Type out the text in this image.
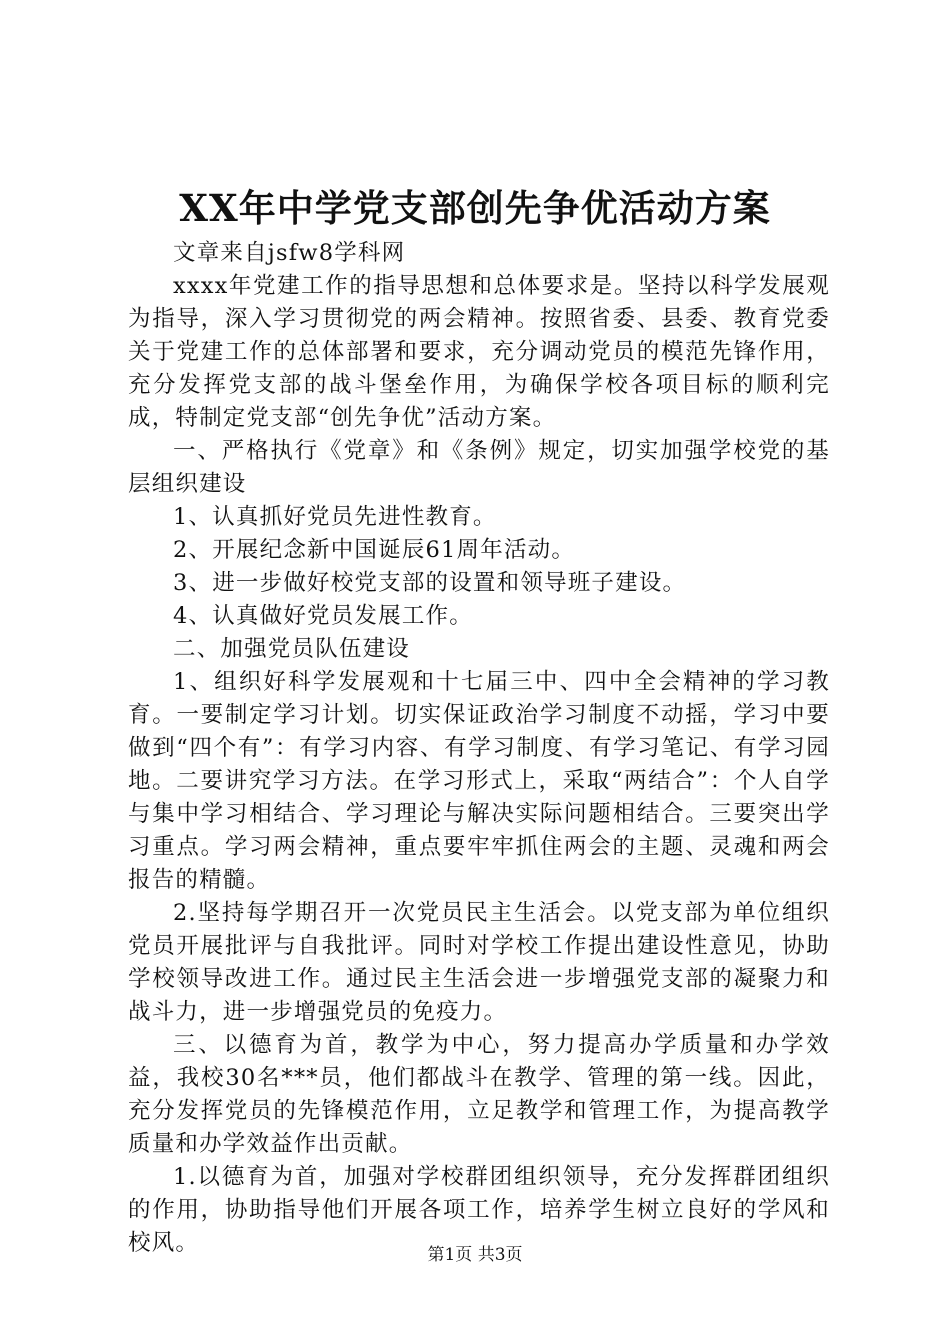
XX年中学党支部创先争优活动方案

文章来自jsfw8学科网

xxxx年党建工作的指导思想和总体要求是。坚持以科学发展观为指导，深入学习贯彻党的两会精神。按照省委、县委、教育党委关于党建工作的总体部署和要求，充分调动党员的模范先锋作用，充分发挥党支部的战斗堡垒作用，为确保学校各项目标的顺利完成，特制定党支部“创先争优”活动方案。

一、严格执行《党章》和《条例》规定，切实加强学校党的基层组织建设

1、认真抓好党员先进性教育。

2、开展纪念新中国诞辰61周年活动。

3、进一步做好校党支部的设置和领导班子建设。

4、认真做好党员发展工作。

二、加强党员队伍建设

1、组织好科学发展观和十七届三中、四中全会精神的学习教育。一要制定学习计划。切实保证政治学习制度不动摇，学习中要做到“四个有”：有学习内容、有学习制度、有学习笔记、有学习园地。二要讲究学习方法。在学习形式上，采取“两结合”：个人自学与集中学习相结合、学习理论与解决实际问题相结合。三要突出学习重点。学习两会精神，重点要牢牢抓住两会的主题、灵魂和两会报告的精髓。

2.坚持每学期召开一次党员民主生活会。以党支部为单位组织党员开展批评与自我批评。同时对学校工作提出建设性意见，协助学校领导改进工作。通过民主生活会进一步增强党支部的凝聚力和战斗力，进一步增强党员的免疫力。

三、以德育为首，教学为中心，努力提高办学质量和办学效益，我校30名***员，他们都战斗在教学、管理的第一线。因此，充分发挥党员的先锋模范作用，立足教学和管理工作，为提高教学质量和办学效益作出贡献。

1.以德育为首，加强对学校群团组织领导，充分发挥群团组织的作用，协助指导他们开展各项工作，培养学生树立良好的学风和校风。	第1页 共3页
